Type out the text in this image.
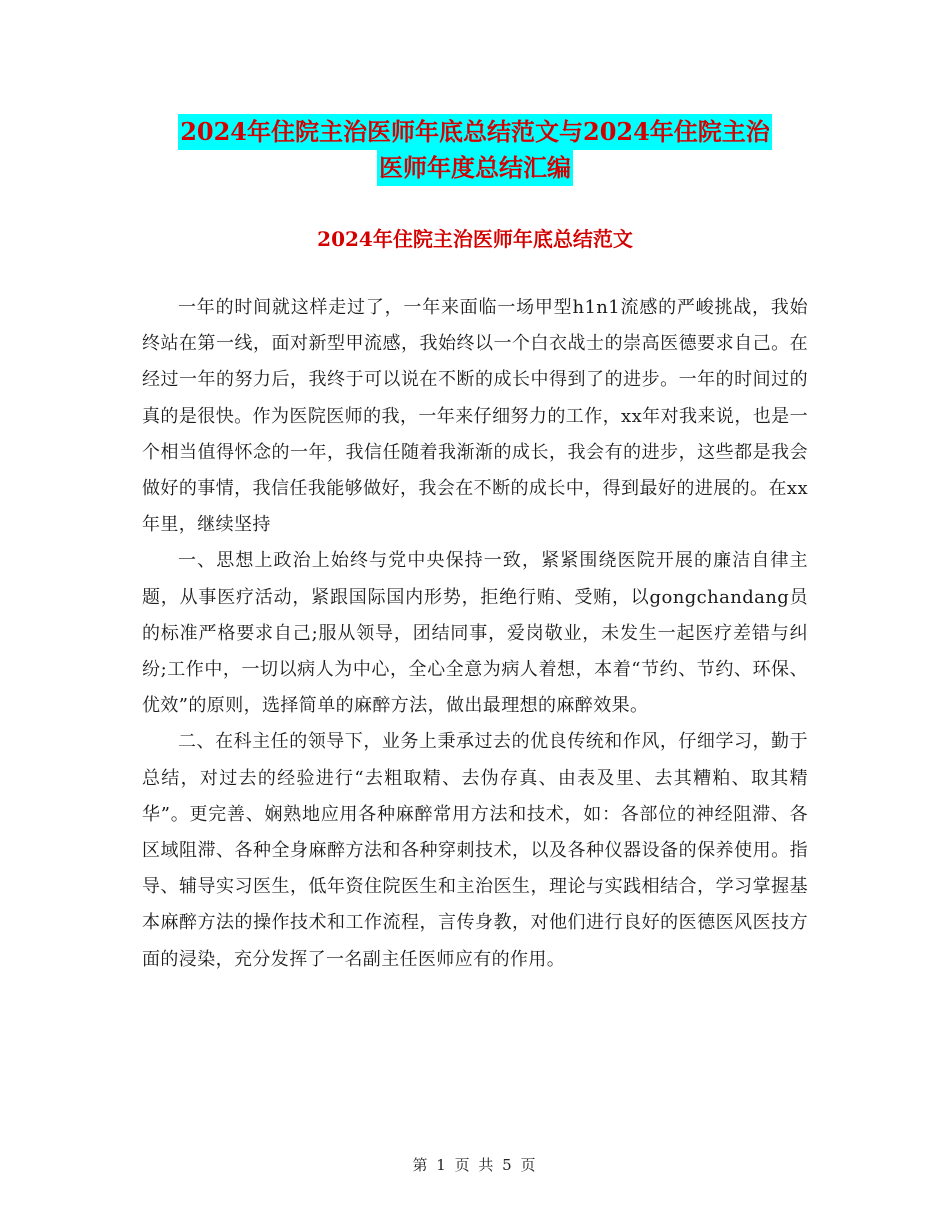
2024年住院主治医师年底总结范文与2024年住院主治
医师年度总结汇编
2024年住院主治医师年底总结范文

一年的时间就这样走过了，一年来面临一场甲型h1n1流感的严峻挑战，我始终站在第一线，面对新型甲流感，我始终以一个白衣战士的崇高医德要求自己。在经过一年的努力后，我终于可以说在不断的成长中得到了的进步。一年的时间过的真的是很快。作为医院医师的我，一年来仔细努力的工作，xx年对我来说，也是一个相当值得怀念的一年，我信任随着我渐渐的成长，我会有的进步，这些都是我会做好的事情，我信任我能够做好，我会在不断的成长中，得到最好的进展的。在xx年里，继续坚持

一、思想上政治上始终与党中央保持一致，紧紧围绕医院开展的廉洁自律主题，从事医疗活动，紧跟国际国内形势，拒绝行贿、受贿，以gongchandang员的标准严格要求自己;服从领导，团结同事，爱岗敬业，未发生一起医疗差错与纠纷;工作中，一切以病人为中心，全心全意为病人着想，本着“节约、节约、环保、优效”的原则，选择简单的麻醉方法，做出最理想的麻醉效果。

二、在科主任的领导下，业务上秉承过去的优良传统和作风，仔细学习，勤于总结，对过去的经验进行“去粗取精、去伪存真、由表及里、去其糟粕、取其精华”。更完善、娴熟地应用各种麻醉常用方法和技术，如：各部位的神经阻滞、各区域阻滞、各种全身麻醉方法和各种穿刺技术，以及各种仪器设备的保养使用。指导、辅导实习医生，低年资住院医生和主治医生，理论与实践相结合，学习掌握基本麻醉方法的操作技术和工作流程，言传身教，对他们进行良好的医德医风医技方面的浸染，充分发挥了一名副主任医师应有的作用。

第 1 页 共 5 页
